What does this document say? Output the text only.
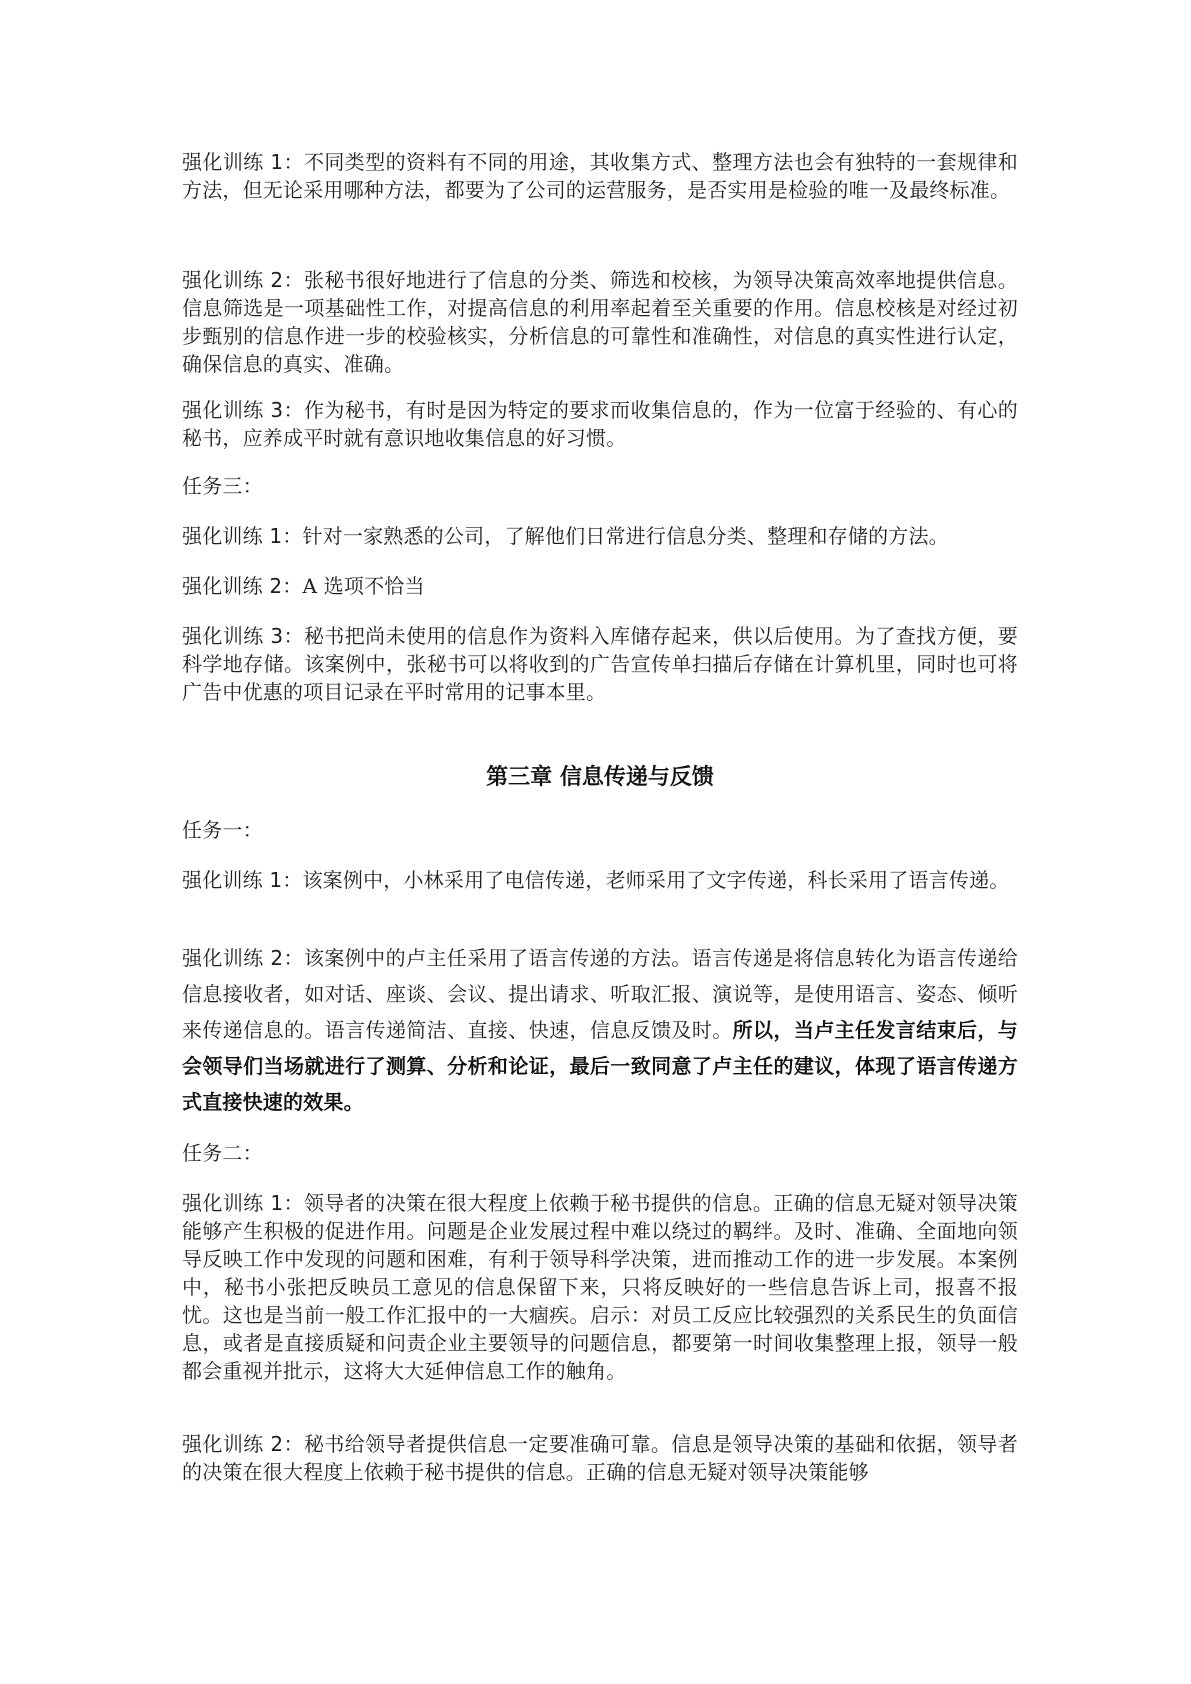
强化训练 1：不同类型的资料有不同的用途，其收集方式、整理方法也会有独特的一套规律和方法，但无论采用哪种方法，都要为了公司的运营服务，是否实用是检验的唯一及最终标准。

强化训练 2：张秘书很好地进行了信息的分类、筛选和校核，为领导决策高效率地提供信息。信息筛选是一项基础性工作，对提高信息的利用率起着至关重要的作用。信息校核是对经过初步甄别的信息作进一步的校验核实，分析信息的可靠性和准确性，对信息的真实性进行认定，确保信息的真实、准确。

强化训练 3：作为秘书，有时是因为特定的要求而收集信息的，作为一位富于经验的、有心的秘书，应养成平时就有意识地收集信息的好习惯。

任务三：

强化训练 1：针对一家熟悉的公司，了解他们日常进行信息分类、整理和存储的方法。

强化训练 2：A 选项不恰当

强化训练 3：秘书把尚未使用的信息作为资料入库储存起来，供以后使用。为了查找方便，要科学地存储。该案例中，张秘书可以将收到的广告宣传单扫描后存储在计算机里，同时也可将广告中优惠的项目记录在平时常用的记事本里。

第三章 信息传递与反馈

任务一：

强化训练 1：该案例中，小林采用了电信传递，老师采用了文字传递，科长采用了语言传递。

强化训练 2：该案例中的卢主任采用了语言传递的方法。语言传递是将信息转化为语言传递给信息接收者，如对话、座谈、会议、提出请求、听取汇报、演说等，是使用语言、姿态、倾听来传递信息的。语言传递简洁、直接、快速，信息反馈及时。所以，当卢主任发言结束后，与会领导们当场就进行了测算、分析和论证，最后一致同意了卢主任的建议，体现了语言传递方式直接快速的效果。

任务二：

强化训练 1：领导者的决策在很大程度上依赖于秘书提供的信息。正确的信息无疑对领导决策能够产生积极的促进作用。问题是企业发展过程中难以绕过的羁绊。及时、准确、全面地向领导反映工作中发现的问题和困难，有利于领导科学决策，进而推动工作的进一步发展。本案例中，秘书小张把反映员工意见的信息保留下来，只将反映好的一些信息告诉上司，报喜不报忧。这也是当前一般工作汇报中的一大痼疾。启示：对员工反应比较强烈的关系民生的负面信息，或者是直接质疑和问责企业主要领导的问题信息，都要第一时间收集整理上报，领导一般都会重视并批示，这将大大延伸信息工作的触角。

强化训练 2：秘书给领导者提供信息一定要准确可靠。信息是领导决策的基础和依据，领导者的决策在很大程度上依赖于秘书提供的信息。正确的信息无疑对领导决策能够
